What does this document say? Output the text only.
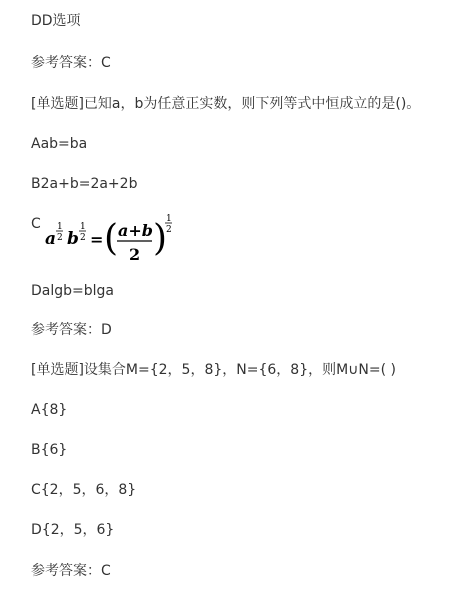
DD选项
参考答案：C
[单选题]已知a，b为任意正实数，则下列等式中恒成立的是()。
Aab=ba
B2a+b=2a+2b
C
a
1
2 b
1
2 = ( a+b
2 )
1
2
Dalgb=blga
参考答案：D
[单选题]设集合M={2，5，8}，N={6，8}，则M∪N=( )
A{8}
B{6}
C{2，5，6，8}
D{2，5，6}
参考答案：C
